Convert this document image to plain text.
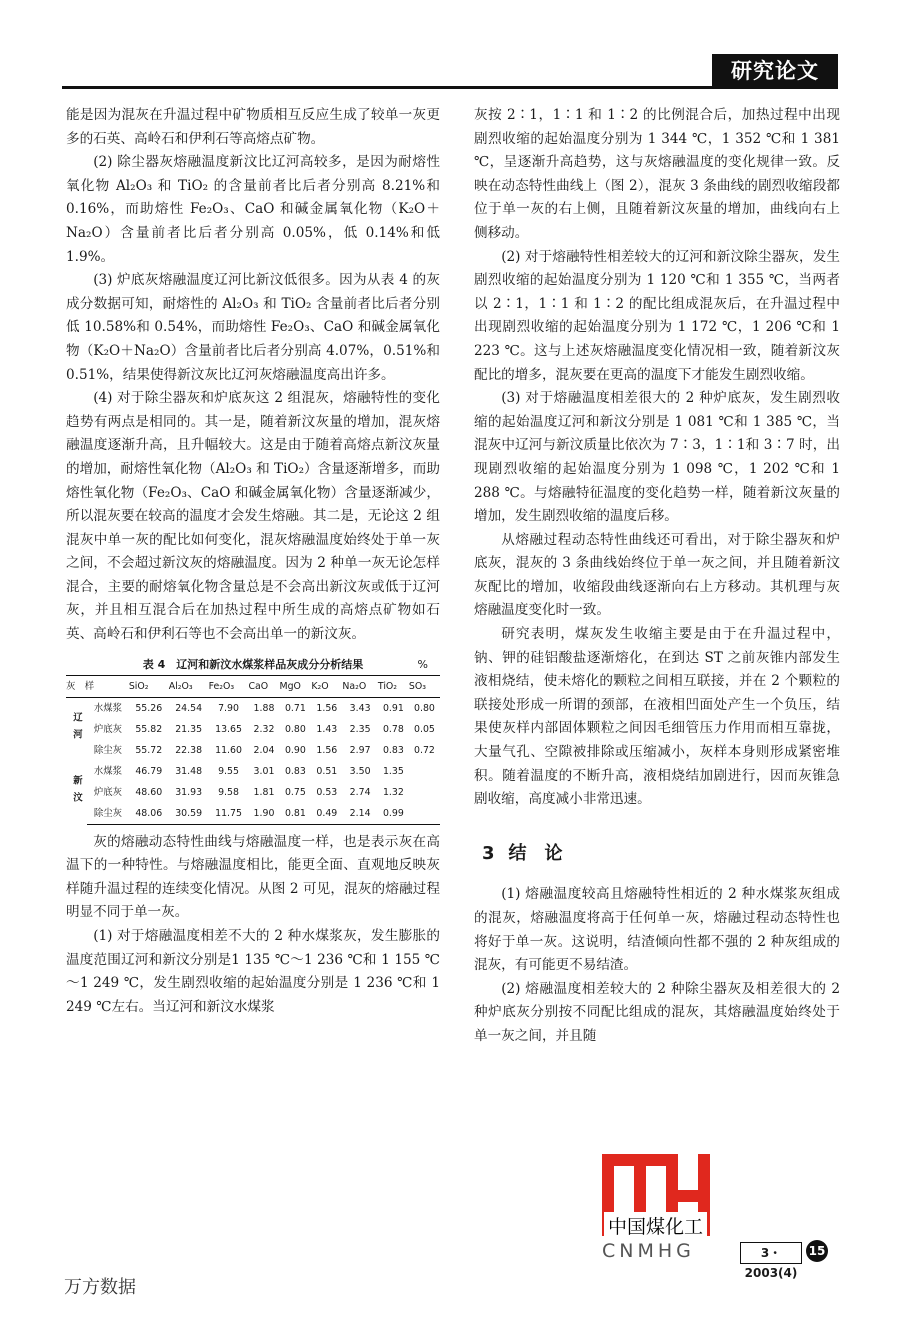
研究论文

能是因为混灰在升温过程中矿物质相互反应生成了较单一灰更多的石英、高岭石和伊利石等高熔点矿物。

(2) 除尘器灰熔融温度新汶比辽河高较多，是因为耐熔性氧化物 Al₂O₃ 和 TiO₂ 的含量前者比后者分别高 8.21%和 0.16%，而助熔性 Fe₂O₃、CaO 和碱金属氧化物（K₂O＋Na₂O）含量前者比后者分别高 0.05%，低 0.14%和低 1.9%。

(3) 炉底灰熔融温度辽河比新汶低很多。因为从表 4 的灰成分数据可知，耐熔性的 Al₂O₃ 和 TiO₂ 含量前者比后者分别低 10.58%和 0.54%，而助熔性 Fe₂O₃、CaO 和碱金属氧化物（K₂O＋Na₂O）含量前者比后者分别高 4.07%，0.51%和 0.51%，结果使得新汶灰比辽河灰熔融温度高出许多。

(4) 对于除尘器灰和炉底灰这 2 组混灰，熔融特性的变化趋势有两点是相同的。其一是，随着新汶灰量的增加，混灰熔融温度逐渐升高，且升幅较大。这是由于随着高熔点新汶灰量的增加，耐熔性氧化物（Al₂O₃ 和 TiO₂）含量逐渐增多，而助熔性氧化物（Fe₂O₃、CaO 和碱金属氧化物）含量逐渐减少，所以混灰要在较高的温度才会发生熔融。其二是，无论这 2 组混灰中单一灰的配比如何变化，混灰熔融温度始终处于单一灰之间，不会超过新汶灰的熔融温度。因为 2 种单一灰无论怎样混合，主要的耐熔氧化物含量总是不会高出新汶灰或低于辽河灰，并且相互混合后在加热过程中所生成的高熔点矿物如石英、高岭石和伊利石等也不会高出单一的新汶灰。

表 4　辽河和新汶水煤浆样品灰成分分析结果	%
灰　样		SiO₂	Al₂O₃	Fe₂O₃	CaO	MgO	K₂O	Na₂O	TiO₂	SO₃
辽河	水煤浆	55.26	24.54	7.90	1.88	0.71	1.56	3.43	0.91	0.80
	炉底灰	55.82	21.35	13.65	2.32	0.80	1.43	2.35	0.78	0.05
	除尘灰	55.72	22.38	11.60	2.04	0.90	1.56	2.97	0.83	0.72
新汶	水煤浆	46.79	31.48	9.55	3.01	0.83	0.51	3.50	1.35	
	炉底灰	48.60	31.93	9.58	1.81	0.75	0.53	2.74	1.32	
	除尘灰	48.06	30.59	11.75	1.90	0.81	0.49	2.14	0.99	

灰的熔融动态特性曲线与熔融温度一样，也是表示灰在高温下的一种特性。与熔融温度相比，能更全面、直观地反映灰样随升温过程的连续变化情况。从图 2 可见，混灰的熔融过程明显不同于单一灰。

(1) 对于熔融温度相差不大的 2 种水煤浆灰，发生膨胀的温度范围辽河和新汶分别是1 135 ℃～1 236 ℃和 1 155 ℃～1 249 ℃，发生剧烈收缩的起始温度分别是 1 236 ℃和 1 249 ℃左右。当辽河和新汶水煤浆

灰按 2∶1，1∶1 和 1∶2 的比例混合后，加热过程中出现剧烈收缩的起始温度分别为 1 344 ℃，1 352 ℃和 1 381 ℃，呈逐渐升高趋势，这与灰熔融温度的变化规律一致。反映在动态特性曲线上（图 2），混灰 3 条曲线的剧烈收缩段都位于单一灰的右上侧，且随着新汶灰量的增加，曲线向右上侧移动。

(2) 对于熔融特性相差较大的辽河和新汶除尘器灰，发生剧烈收缩的起始温度分别为 1 120 ℃和 1 355 ℃，当两者以 2∶1，1∶1 和 1∶2 的配比组成混灰后，在升温过程中出现剧烈收缩的起始温度分别为 1 172 ℃，1 206 ℃和 1 223 ℃。这与上述灰熔融温度变化情况相一致，随着新汶灰配比的增多，混灰要在更高的温度下才能发生剧烈收缩。

(3) 对于熔融温度相差很大的 2 种炉底灰，发生剧烈收缩的起始温度辽河和新汶分别是 1 081 ℃和 1 385 ℃，当混灰中辽河与新汶质量比依次为 7∶3，1∶1和 3∶7 时，出现剧烈收缩的起始温度分别为 1 098 ℃，1 202 ℃和 1 288 ℃。与熔融特征温度的变化趋势一样，随着新汶灰量的增加，发生剧烈收缩的温度后移。

从熔融过程动态特性曲线还可看出，对于除尘器灰和炉底灰，混灰的 3 条曲线始终位于单一灰之间，并且随着新汶灰配比的增加，收缩段曲线逐渐向右上方移动。其机理与灰熔融温度变化时一致。

研究表明，煤灰发生收缩主要是由于在升温过程中，钠、钾的硅铝酸盐逐渐熔化，在到达 ST 之前灰锥内部发生液相烧结，使未熔化的颗粒之间相互联接，并在 2 个颗粒的联接处形成一所谓的颈部，在液相凹面处产生一个负压，结果使灰样内部固体颗粒之间因毛细管压力作用而相互靠拢，大量气孔、空隙被排除或压缩减小，灰样本身则形成紧密堆积。随着温度的不断升高，液相烧结加剧进行，因而灰锥急剧收缩，高度减小非常迅速。

3 结　论

(1) 熔融温度较高且熔融特性相近的 2 种水煤浆灰组成的混灰，熔融温度将高于任何单一灰，熔融过程动态特性也将好于单一灰。这说明，结渣倾向性都不强的 2 种灰组成的混灰，有可能更不易结渣。

(2) 熔融温度相差较大的 2 种除尘器灰及相差很大的 2 种炉底灰分别按不同配比组成的混灰，其熔融温度始终处于单一灰之间，并且随

中国煤化工
CNMHG	3・2003(4)
15
万方数据
